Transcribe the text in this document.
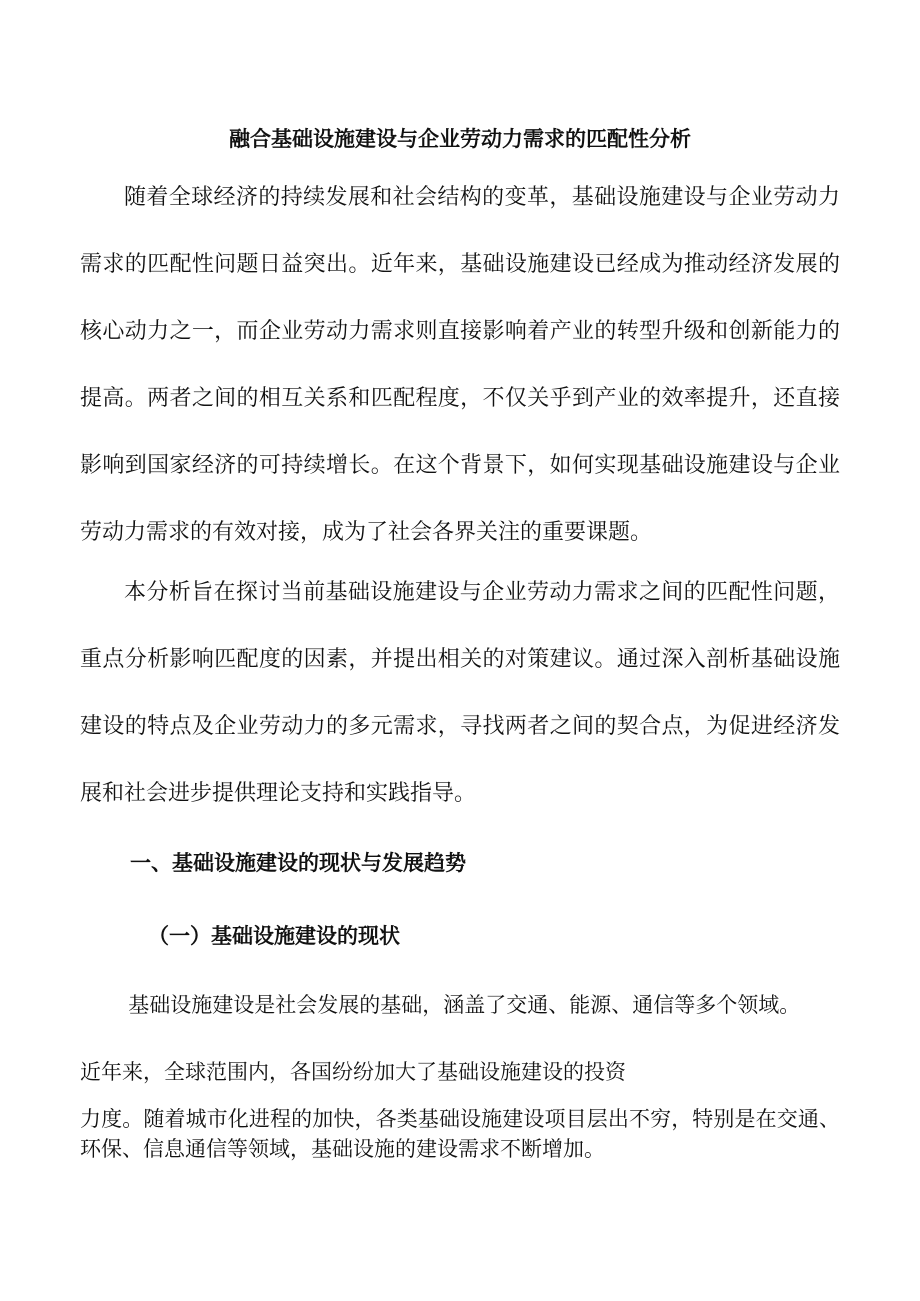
融合基础设施建设与企业劳动力需求的匹配性分析

随着全球经济的持续发展和社会结构的变革，基础设施建设与企业劳动力需求的匹配性问题日益突出。近年来，基础设施建设已经成为推动经济发展的核心动力之一，而企业劳动力需求则直接影响着产业的转型升级和创新能力的提高。两者之间的相互关系和匹配程度，不仅关乎到产业的效率提升，还直接影响到国家经济的可持续增长。在这个背景下，如何实现基础设施建设与企业劳动力需求的有效对接，成为了社会各界关注的重要课题。

本分析旨在探讨当前基础设施建设与企业劳动力需求之间的匹配性问题，重点分析影响匹配度的因素，并提出相关的对策建议。通过深入剖析基础设施建设的特点及企业劳动力的多元需求，寻找两者之间的契合点，为促进经济发展和社会进步提供理论支持和实践指导。

一、基础设施建设的现状与发展趋势
（一）基础设施建设的现状

基础设施建设是社会发展的基础，涵盖了交通、能源、通信等多个领域。

近年来，全球范围内，各国纷纷加大了基础设施建设的投资

力度。随着城市化进程的加快，各类基础设施建设项目层出不穷，特别是在交通、环保、信息通信等领域，基础设施的建设需求不断增加。
